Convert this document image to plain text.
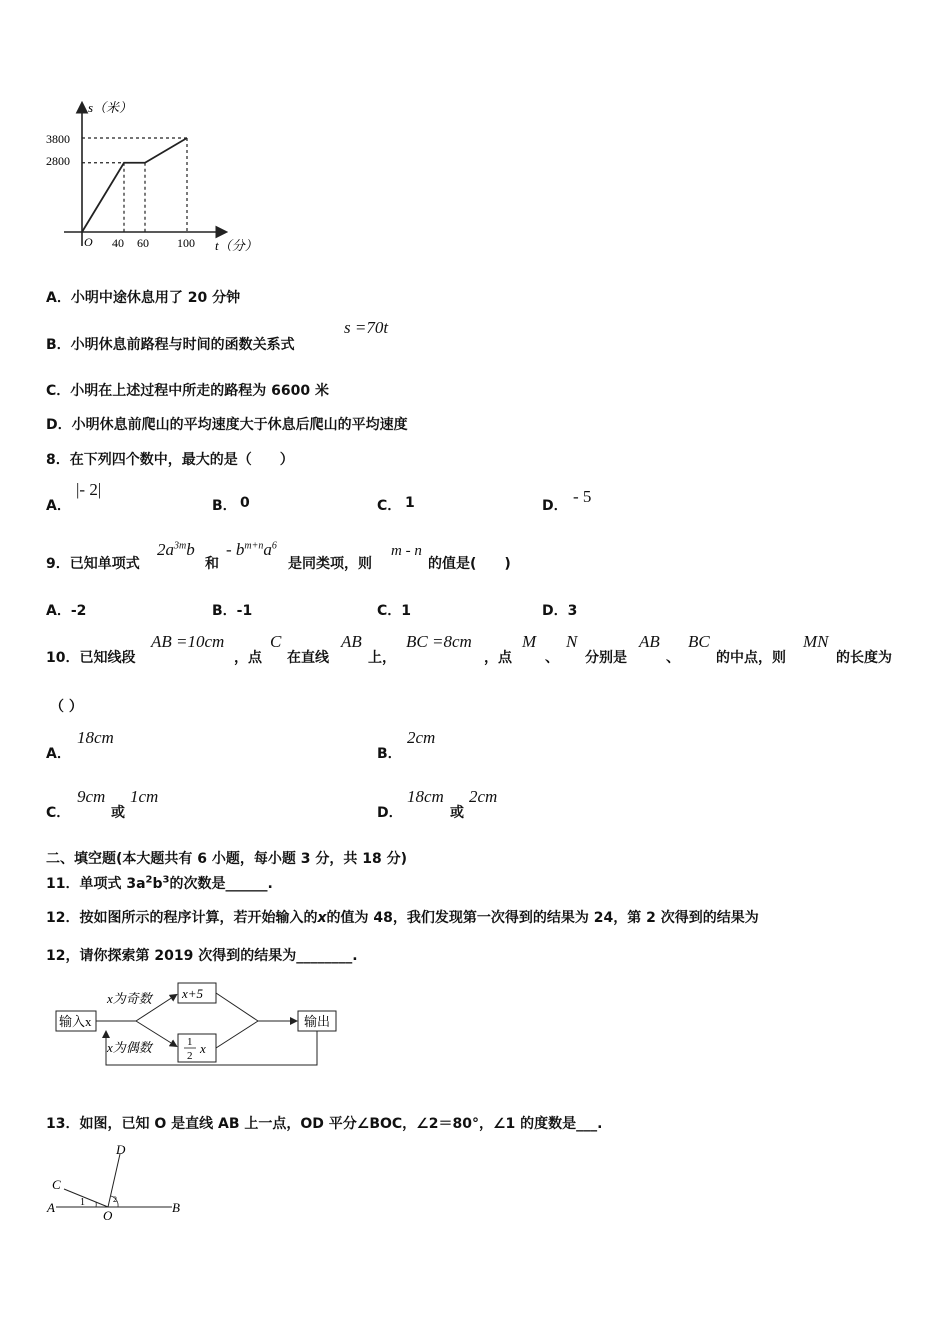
s（米）
t（分）
O
3800
2800
40 60 100
A．小明中途休息用了 20 分钟
B．小明休息前路程与时间的函数关系式
s =70t
C．小明在上述过程中所走的路程为 6600 米
D．小明休息前爬山的平均速度大于休息后爬山的平均速度
8．在下列四个数中，最大的是（　　）
A．
|- 2|
B． 0	C． 1	D． - 5
9．已知单项式
$2a^{3m}b$
和
- $b^{m+n}a^6$
是同类项，则
m - n
的值是(　　)
A．-2	B．-1	C．1	D．3
10．已知线段
AB =10cm
，点
C
在直线
AB
上，
BC =8cm
，点
M
、
N
分别是
AB
、
BC
的中点，则
MN
的长度为
（ ）
A．
18cm
B．
2cm
C．
9cm
或
1cm
D．
18cm
或
2cm
二、填空题(本大题共有 6 小题，每小题 3 分，共 18 分)
11．单项式 $3a^2b^3$的次数是______.
12．按如图所示的程序计算，若开始输入的x的值为 48，我们发现第一次得到的结果为 24，第 2 次得到的结果为
12，请你探索第 2019 次得到的结果为________.
输入x
x为奇数
x为偶数
x+5
1
2 x
输出
13．如图，已知 O 是直线 AB 上一点，OD 平分∠BOC，∠2＝80°，∠1 的度数是___.
A	B
C
D
O
1	2
